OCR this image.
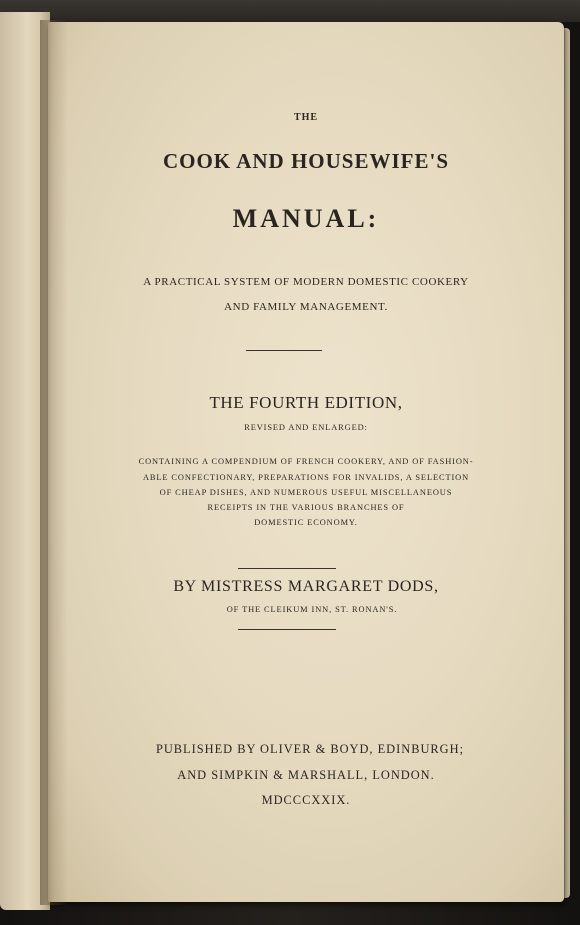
THE
COOK AND HOUSEWIFE'S
MANUAL:
A PRACTICAL SYSTEM OF MODERN DOMESTIC COOKERY
AND FAMILY MANAGEMENT.
THE FOURTH EDITION,
REVISED AND ENLARGED:
CONTAINING A COMPENDIUM OF FRENCH COOKERY, AND OF FASHION-
ABLE CONFECTIONARY, PREPARATIONS FOR INVALIDS, A SELECTION
OF CHEAP DISHES, AND NUMEROUS USEFUL MISCELLANEOUS
RECEIPTS IN THE VARIOUS BRANCHES OF
DOMESTIC ECONOMY.
BY MISTRESS MARGARET DODS,
OF THE CLEIKUM INN, ST. RONAN'S.
PUBLISHED BY OLIVER & BOYD, EDINBURGH;
AND SIMPKIN & MARSHALL, LONDON.
MDCCCXXIX.
